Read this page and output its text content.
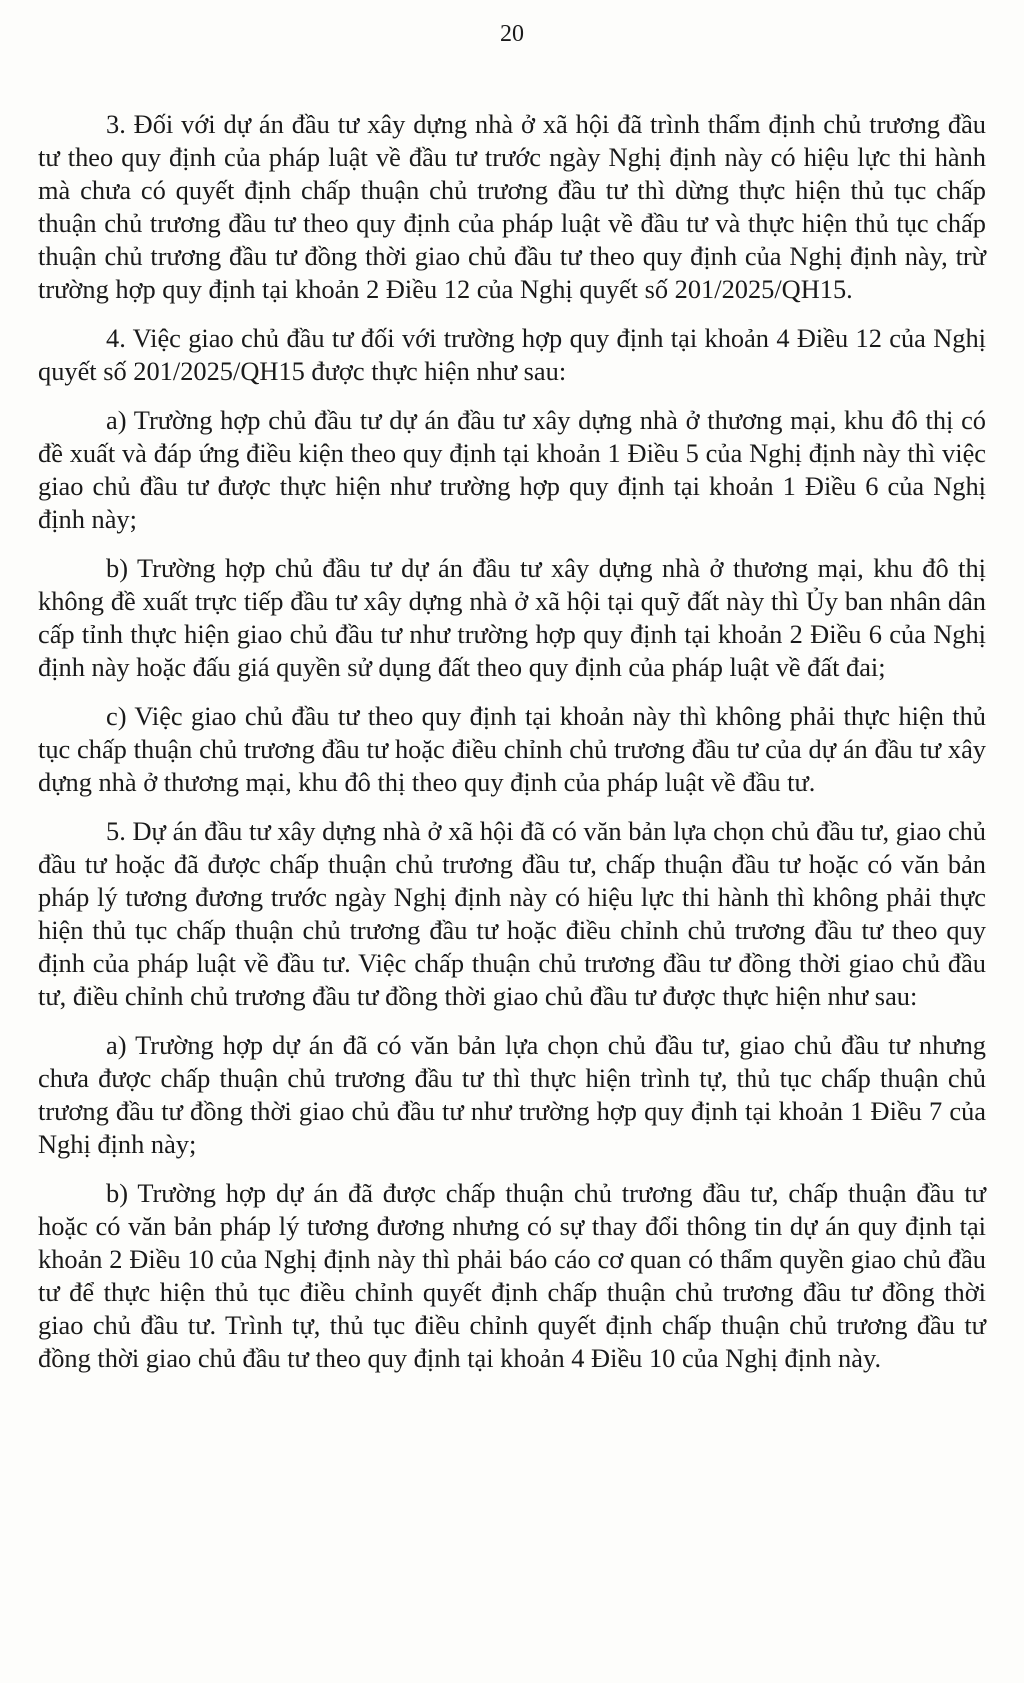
20

3. Đối với dự án đầu tư xây dựng nhà ở xã hội đã trình thẩm định chủ trương đầu tư theo quy định của pháp luật về đầu tư trước ngày Nghị định này có hiệu lực thi hành mà chưa có quyết định chấp thuận chủ trương đầu tư thì dừng thực hiện thủ tục chấp thuận chủ trương đầu tư theo quy định của pháp luật về đầu tư và thực hiện thủ tục chấp thuận chủ trương đầu tư đồng thời giao chủ đầu tư theo quy định của Nghị định này, trừ trường hợp quy định tại khoản 2 Điều 12 của Nghị quyết số 201/2025/QH15.

4. Việc giao chủ đầu tư đối với trường hợp quy định tại khoản 4 Điều 12 của Nghị quyết số 201/2025/QH15 được thực hiện như sau:

a) Trường hợp chủ đầu tư dự án đầu tư xây dựng nhà ở thương mại, khu đô thị có đề xuất và đáp ứng điều kiện theo quy định tại khoản 1 Điều 5 của Nghị định này thì việc giao chủ đầu tư được thực hiện như trường hợp quy định tại khoản 1 Điều 6 của Nghị định này;

b) Trường hợp chủ đầu tư dự án đầu tư xây dựng nhà ở thương mại, khu đô thị không đề xuất trực tiếp đầu tư xây dựng nhà ở xã hội tại quỹ đất này thì Ủy ban nhân dân cấp tỉnh thực hiện giao chủ đầu tư như trường hợp quy định tại khoản 2 Điều 6 của Nghị định này hoặc đấu giá quyền sử dụng đất theo quy định của pháp luật về đất đai;

c) Việc giao chủ đầu tư theo quy định tại khoản này thì không phải thực hiện thủ tục chấp thuận chủ trương đầu tư hoặc điều chỉnh chủ trương đầu tư của dự án đầu tư xây dựng nhà ở thương mại, khu đô thị theo quy định của pháp luật về đầu tư.

5. Dự án đầu tư xây dựng nhà ở xã hội đã có văn bản lựa chọn chủ đầu tư, giao chủ đầu tư hoặc đã được chấp thuận chủ trương đầu tư, chấp thuận đầu tư hoặc có văn bản pháp lý tương đương trước ngày Nghị định này có hiệu lực thi hành thì không phải thực hiện thủ tục chấp thuận chủ trương đầu tư hoặc điều chỉnh chủ trương đầu tư theo quy định của pháp luật về đầu tư. Việc chấp thuận chủ trương đầu tư đồng thời giao chủ đầu tư, điều chỉnh chủ trương đầu tư đồng thời giao chủ đầu tư được thực hiện như sau:

a) Trường hợp dự án đã có văn bản lựa chọn chủ đầu tư, giao chủ đầu tư nhưng chưa được chấp thuận chủ trương đầu tư thì thực hiện trình tự, thủ tục chấp thuận chủ trương đầu tư đồng thời giao chủ đầu tư như trường hợp quy định tại khoản 1 Điều 7 của Nghị định này;

b) Trường hợp dự án đã được chấp thuận chủ trương đầu tư, chấp thuận đầu tư hoặc có văn bản pháp lý tương đương nhưng có sự thay đổi thông tin dự án quy định tại khoản 2 Điều 10 của Nghị định này thì phải báo cáo cơ quan có thẩm quyền giao chủ đầu tư để thực hiện thủ tục điều chỉnh quyết định chấp thuận chủ trương đầu tư đồng thời giao chủ đầu tư. Trình tự, thủ tục điều chỉnh quyết định chấp thuận chủ trương đầu tư đồng thời giao chủ đầu tư theo quy định tại khoản 4 Điều 10 của Nghị định này.
